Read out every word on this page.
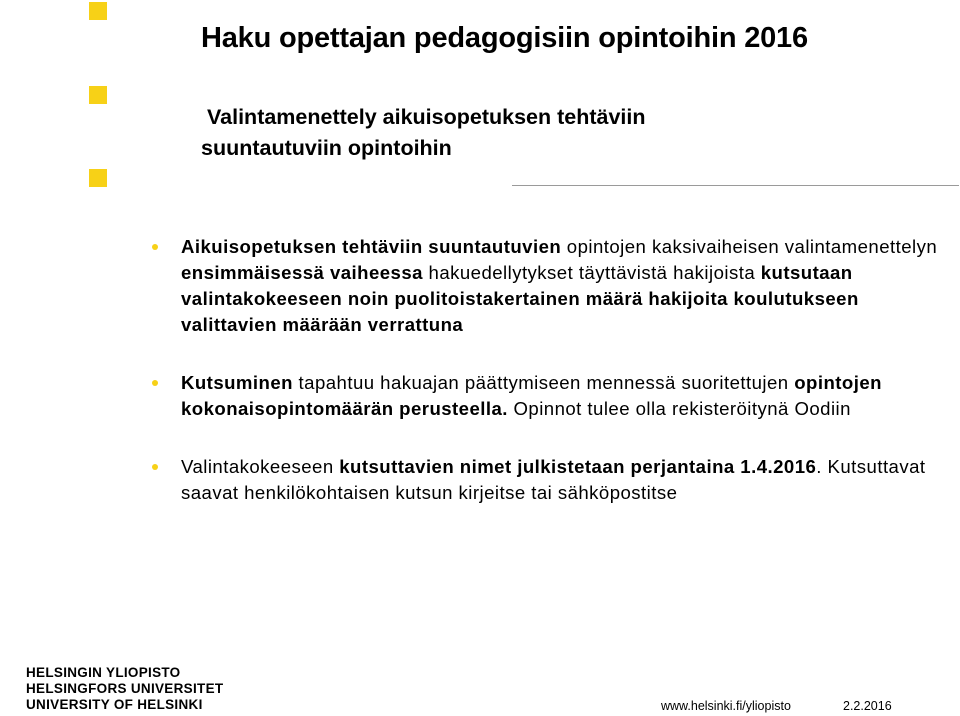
Haku opettajan pedagogisiin opintoihin 2016
Valintamenettely aikuisopetuksen tehtäviin
suuntautuviin opintoihin
Aikuisopetuksen tehtäviin suuntautuvien opintojen kaksivaiheisen valintamenettelyn ensimmäisessä vaiheessa hakuedellytykset täyttävistä hakijoista kutsutaan valintakokeeseen noin puolitoistakertainen määrä hakijoita koulutukseen valittavien määrään verrattuna
Kutsuminen tapahtuu hakuajan päättymiseen mennessä suoritettujen opintojen kokonaisopintomäärän perusteella. Opinnot tulee olla rekisteröitynä Oodiin
Valintakokeeseen kutsuttavien nimet julkistetaan perjantaina 1.4.2016. Kutsuttavat saavat henkilökohtaisen kutsun kirjeitse tai sähköpostitse
HELSINGIN YLIOPISTO
HELSINGFORS UNIVERSITET
UNIVERSITY OF HELSINKI	www.helsinki.fi/yliopisto	2.2.2016
